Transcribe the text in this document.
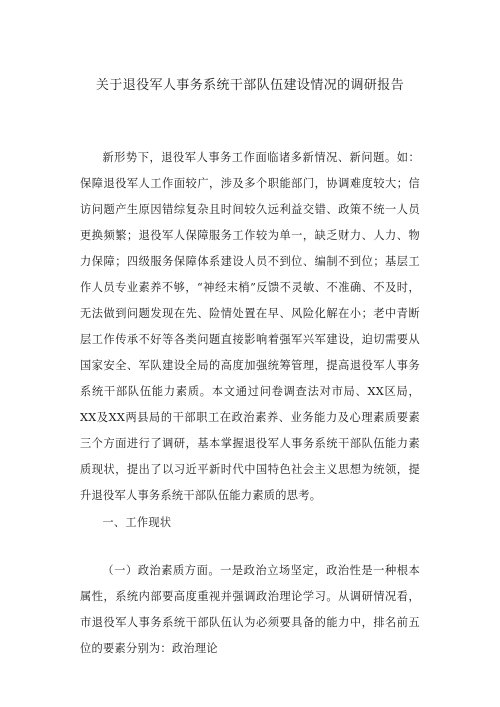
关于退役军人事务系统干部队伍建设情况的调研报告

新形势下，退役军人事务工作面临诸多新情况、新问题。如：保障退役军人工作面较广，涉及多个职能部门，协调难度较大；信访问题产生原因错综复杂且时间较久远利益交错、政策不统一人员更换频繁；退役军人保障服务工作较为单一，缺乏财力、人力、物力保障；四级服务保障体系建设人员不到位、编制不到位；基层工作人员专业素养不够，“神经末梢”反馈不灵敏、不准确、不及时，无法做到问题发现在先、险情处置在早、风险化解在小；老中青断层工作传承不好等各类问题直接影响着强军兴军建设，迫切需要从国家安全、军队建设全局的高度加强统筹管理，提高退役军人事务系统干部队伍能力素质。本文通过问卷调查法对市局、XX区局，XX及XX两县局的干部职工在政治素养、业务能力及心理素质要素三个方面进行了调研，基本掌握退役军人事务系统干部队伍能力素质现状，提出了以习近平新时代中国特色社会主义思想为统领，提升退役军人事务系统干部队伍能力素质的思考。

一、工作现状

（一）政治素质方面。一是政治立场坚定，政治性是一种根本属性，系统内部要高度重视并强调政治理论学习。从调研情况看，市退役军人事务系统干部队伍认为必须要具备的能力中，排名前五位的要素分别为：政治理论
